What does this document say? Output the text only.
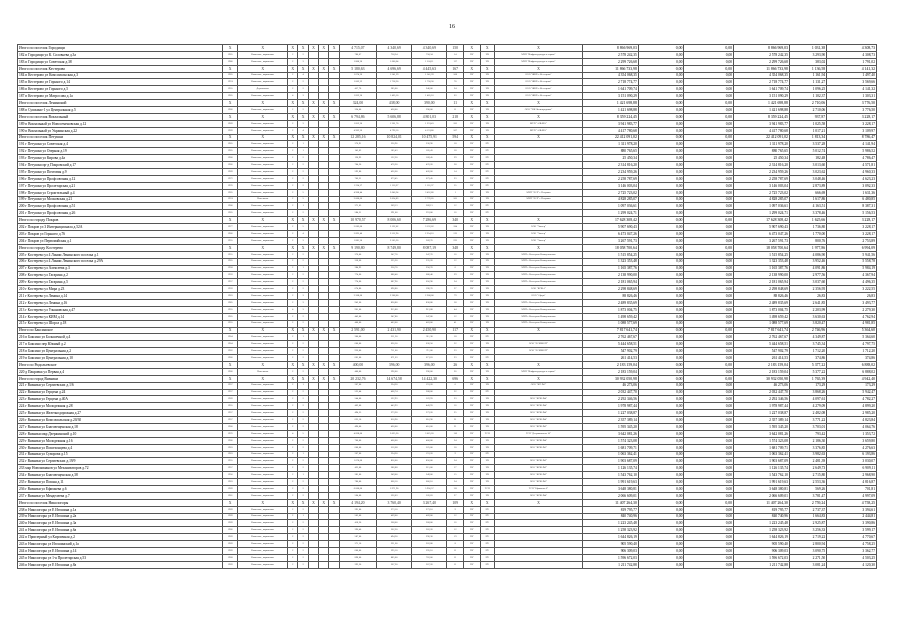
16
Итого по поселок Городищи	X	X	X	X	X	X	X	4 715,07	4 340,69	4 340,69	150	X	X	X	8 866 969,03	0,00	0,00	8 866 969,03	1 031,38	4 308,73
182 п Городищи ул К. Соловьева д.3а	1965	Каменные, кирпичные	2	2				780,67	758,34	758,34	14	ПУ	УК	МУП "Инфраструктура и сервис"	2 578 242,35	0,00	0,00	2 578 242,35	3 293,90	4 308,73
183 п Городищи ул Советская д.38	1980	Каменные, кирпичные	2	3				1 800,20	1 600,64	1 524,11	117	ПУ	УК	МУП "Инфраструктура и сервис"	2 299 726,68	0,00	0,00	2 299 726,68	383,02	1 791,02
Итого по поселок Кестерово	X	X	X	X	X	X	X	5 180,63	4 696,69	4 445,63	167	X	X	X	11 866 733,98	0,00	0,00	11 866 733,98	1 136,58	4 141,32
184 п Кестерово ул Комсомольская д.3	1965	Каменные, кирпичные	2	4				1 674,26	1 541,39	1 541,39	108	ПУ	УК	ООО "ЖКХ г. Кестерово"	4 354 068,35	0,00	0,00	4 354 068,35	1 161,94	1 497,40
185 п Кестерово ул Горького д.14	1974	Каменные, кирпичные	2	2				1 603,32	1 758,30	1 758,30	70	ПУ	УК	ООО "ЖКХ г. Кестерово"	2 718 774,77	0,00	0,00	2 718 774,77	1 131,27	3 569,66
186 п Кестерово ул Горького д.5	1955	Деревянные	2	2				457,70	285,00	246,00	24	ПУ	УК	ООО "ЖКХ г. Кестерово"	1 641 709,74	0,00	0,00	1 641 709,74	1 096,25	4 141,32
187 п Кестерово ул Матросова д.1а	1965	Каменные, кирпичные	4	3				1 832,20	1 465,10	1 465,10	63	ПУ	УК	ООО "ЖКХ г. Кестерово"	3 151 090,29	0,00	0,00	3 151 090,29	1 102,37	1 303,31
Итого по поселок Ленинский	X	X	X	X	X	X	X	324,00	438,00	390,00	11	X	X	X	1 421 698,88	0,00	0,00	1 421 698,88	2 710,06	3 776,50
188 п Сушкино-1 ул Центральная д.5	1966	Каменные, кирпичные	2	2				324,00	438,00	390,00	11	ПУ	УК	ООО "УЖ Ленинградская"	1 421 698,88	0,00	0,00	1 421 698,88	2 710,06	3 776,50
Итого по поселок Вокзальный	X	X	X	X	X	X	X	6 794,86	5 606,88	4 801,03	218	X	X	X	8 359 224,45	0,00	0,00	8 359 224,45	937,87	3 228,17
189 п Вокзальный ул Новосеменовская д.12	1969	Каменные, кирпичные	2	3				1 852,20	1 261,70	1 274,43	181	ПУ	УК	МУП "АЛЬЕРА"	3 941 983,77	0,00	0,00	3 941 983,77	1 025,58	3 228,17
190 п Вокзальный ул Украинская д.22	1969	Каменные, кирпичные	2	4				4 902,36	4 796,10	4 174,80	107	ПУ	УК	МУП "АЛЬЕРА"	4 417 780,68	0,00	0,00	4 417 780,68	1 017,21	3 109,97
Итого по поселок Петушки	X	X	X	X	X	X	X	12 285,16	10 824,01	10 475,91	594	X	X	X	22 412 091,02	0,00	0,00	22 412 091,02	1 813,34	8 786,47
191 г Петушки ул Советская д.4	1965	Каменные, кирпичные	2	1				370,91	336,96	336,96	18	ПУ	НУ		1 311 978,20	0,00	0,00	1 311 978,20	3 537,28	4 141,94
192 г Петушки ул Озерная д.19	1965	Каменные, кирпичные	2	1				145,63	185,43	185,43	18	ПУ	НУ		880 765,65	0,00	0,00	880 765,65	5 012,74	5 986,52
193 г Петушки ул Кирова д.4а	1960	Каменные, кирпичные	2	2				120,93	132,20	109,45	29	ПУ	НУ		25 450,34	0,00	0,00	25 450,34	182,48	4 786,47
194 г Петушки пр-д Покровский д.17	1966	Каменные, кирпичные	2	2				704,20	476,20	476,20	38	ПУ	НУ		2 314 816,20	0,00	0,00	2 314 816,20	3 013,60	4 571,81
195 г Петушки ул Почтовая д.9	1969	Каменные, кирпичные	2	2				592,80	426,60	426,60	14	ПУ	НУ		2 234 959,26	0,00	0,00	2 234 959,26	3 023,62	4 960,33
196 г Петушки ул Профсоюзная д.12	1972	Каменные, кирпичные	2	2				706,31	673,45	673,45	23	ПУ	НУ		2 258 787,69	0,00	0,00	2 258 787,69	3 048,46	4 623,23
197 г Петушки ул Пролетарская д.21	1970	Каменные, кирпичные	2	2				1 224,37	1 116,37	1 116,37	55	ПУ	НУ		3 146 003,04	0,00	0,00	3 146 003,04	2 873,89	3 092,33
198 г Петушки ул Строительный д.4	1965	Каменные, кирпичные	2	5				4 908,44	3 646,34	3 452,86	1	ПУ	УК	МУП "ЕСР" г Петушки	2 725 723,02	0,00	0,00	2 725 723,02	666,69	1 631,36
199 г Петушки ул Московская д.21	1974	Панельные	2	5				2 000,00	2 054,83	2 770,05	105	ПУ	УК	МУП "ЕСР" г Петушки	4 828 285,07	0,00	0,00	4 828 285,07	1 617,86	6 480,85
200 г Петушки ул Профсоюзная д.51	1960	Каменные, кирпичные	2	1				371,65	309,13	309,13	12	ПУ	НУ		1 097 036,61	0,00	0,00	1 097 036,61	4 163,51	8 387,31
201 г Петушки ул Профсоюзная д.26	1965	Каменные, кирпичные	2	2				584,31	391,00	391,00	16	ПУ	НУ		1 299 024,71	0,00	0,00	1 299 024,71	3 378,46	5 156,53
Итого по городу Покров	X	X	X	X	X	X	X	10 970,57	8 006,60	7 286,69	340	X	X	X	17 628 308,42	0,00	0,00	17 628 308,42	1 625,66	3 228,17
202 г Покров ул 3 Интернационала д.52А	1977	Каменные, кирпичные	2	5				3 683,00	3 132,02	3 132,02	184	ПУ	УК	ООО "Экспер"	5 907 690,43	0,00	0,00	5 907 690,43	1 736,80	3 228,17
203 г Покров ул Горького д.76	1966	Каменные, кирпичные	2	4				2 895,40	2 552,90	2 254,16	123	ПУ	УК	ООО "Экспер"	6 473 047,26	0,00	0,00	6 473 047,26	1 770,00	3 228,17
204 г Покров ул Первомайская д.1	1955	Каменные, кирпичные	2	3				1 881,30	2 505,20	309,70	223	ПУ	УК	ООО "Экспер"	3 267 591,73	0,00	0,00	3 267 591,73	800,76	2 753,89
Итого по городу Костерево	X	X	X	X	X	X	X	9 190,80	8 749,80	8 087,19	348	X	X	X	18 058 700,64	0,00	0,00	18 058 700,64	1 977,86	6 994,09
205 г Костерево ул 4 Линии Ленинского поселка д.1	1955	Каменные, кирпичные	2	2				370,00	347,70	347,70	16	ПУ	УК	МУП г Костерево Коммунальник	1 515 854,25	0,00	0,00	1 515 854,25	4 086,90	5 941,56
206 г Костерево ул 4 Линии Ленинского поселка д.29А	1965	Каменные, кирпичные	2	2				358,60	335,20	335,20	12	ПУ	УК	МУП г Костерево Коммунальник	1 323 353,48	0,00	0,00	1 323 353,48	3 952,46	5 558,78
207 г Костерево ул Алексеева д.3	1958	Каменные, кирпичные	2	1				284,93	250,70	250,70	6	ПУ	УК	МУП г Костерево Коммунальник	1 165 387,76	0,00	0,00	1 165 387,76	4 091,86	5 984,19
208 г Костерево ул Гагарина д.2	1959	Каменные, кирпичные	2	2				774,60	686,40	686,40	29	ПУ	УК	МУП г Костерево Коммунальник	2 138 990,00	0,00	0,00	2 138 990,00	2 977,56	4 367,94
209 г Костерево ул Гагарина д.5	1957	Каменные, кирпичные	2	2				774,60	687,90	656,90	34	ПУ	УК	МУП г Костерево Коммунальник	2 181 065,94	0,00	0,00	2 181 065,94	3 037,60	4 496,35
210 г Костерево ул Мира д.23	1959	Каменные, кирпичные	2	2				674,80	696,80	596,70	37	ПУ	УК	ООО "ЖЭК-1"	2 298 848,69	0,00	0,00	2 298 848,69	2 356,95	3 222,55
211 г Костерево ул Ленина д.14	1963	Каменные, кирпичные	2	3				2 208,00	2 208,00	2 208,00	79	ПУ	УК	ООО "Сфера"	88 826,46	0,00	0,00	88 826,46	26,83	26,83
212 г Костерево ул Ленина д.16	1985	Каменные, кирпичные	2	3				942,60	830,80	830,80	58	ПУ	УК	МУП г Костерево Коммунальник	2 489 835,69	0,00	0,00	2 489 835,69	2 641,85	3 493,77
213 г Костерево ул Ульяновская д.47	1955	Каменные, кирпичные	4	3				961,00	915,88	913,88	44	ПУ	УК	МУП г Костерево Коммунальник	1 873 004,75	0,00	0,00	1 873 004,75	2 203,99	2 279,30
214 г Костерево ул КИМ д.14	1965	Каменные, кирпичные	2	2				443,00	347,80	347,80	12	ПУ	УК	МУП г Костерево Коммунальник	1 498 659,42	0,00	0,00	1 498 659,42	3 630,63	4 762,94
215 г Костерево ул Шорса д.18	1955	Каменные, кирпичные	2	2				400,00	403,00	403,00	41	ПУ	УК	МУП г Костерево Коммунальник	1 088 577,69	0,00	0,00	1 088 577,69	3 820,47	4 981,85
Итого по Баксинское	X	X	X	X	X	X	X	2 591,00	2 431,90	2 450,90	117	X	X	X	7 817 641,74	0,00	0,00	7 817 641,74	2 746,96	5 364,60
216 п Баксино ул Большечной д.4	1964	Каменные, кирпичные	2	1				300,00	311,30	311,30	18	ПУ	НУ		2 762 467,67	0,00	0,00	2 762 467,67	4 349,87	5 364,60
217 п Баксино пер Южный д.2	1964	Каменные, кирпичные	2	2				600,00	636,50	636,50	32	ПУ	УК	ООО "ЕСМВОЛТ"	5 444 658,51	0,00	0,00	5 444 658,51	3 745,34	4 797,75
218 п Баксино ул Центральная д.2	1962	Каменные, кирпичные	2	2				936,00	711,00	711,00	33	ПУ	УК	ООО "ЕСМВОЛТ"	547 902,79	0,00	0,00	547 902,79	1 712,20	1 712,20
219 п Баксино ул Центральная д.10	1966	Каменные, кирпичные	2	2				661,00	671,63	671,63	23	ПУ	НУ		261 414,53	0,00	0,00	261 414,53	374,86	374,86
Итого по Ридольевское	X	X	X	X	X	X	X	400,00	396,00	396,00	26	X	X	X	2 183 159,04	0,00	0,00	2 183 159,04	5 377,22	6 888,02
220 д Пакровка ул Первая д.4	1966	Панельные	2	2				400,00	396,00	396,00	26	ПУ	УК	МУП "Инфраструктура и сервис"	2 183 159,04	0,00	0,00	2 183 159,04	5 377,22	6 888,02
Итого по город Вязники	X	X	X	X	X	X	X	20 232,76	14 674,58	14 422,30	696	X	X	X	30 932 050,98	0,00	0,00	30 932 050,98	1 765,39	4 942,40
221 г Вязники ул Сергиевских д.1/6	1957	Каменные, кирпичные	2	1				267,00	234,20	191,20	6	ПУ	УК	ООО "ЖЭ №2"	46 273,06	0,00	0,00	46 273,06	173,29	173,29
222 г Вязники ул Герцена д.24	1957	Каменные, кирпичные	2	2				525,44	466,74	288,00	32	ПУ	НУ		2 032 447,70	0,00	0,00	2 032 447,70	3 868,26	5 942,47
223 г Вязники ул Герцена д.40А	1969	Каменные, кирпичные	2	2				544,00	522,93	522,93	23	ПУ	УК	ООО "ЖЭК-№4"	2 292 346,56	0,00	0,00	2 292 346,56	4 097,61	4 782,27
224 г Вязники ул Молодежная д.28	1955	Каменные, кирпичные	2	2				463,00	443,93	443,93	16	ПУ	УК	ООО "ЖЭК-№4"	1 978 987,44	0,00	0,00	1 978 987,44	4 279,09	4 899,20
225 г Вязники ул Железнодорожная д.27	1957	Каменные, кирпичные	2	2				494,35	373,20	373,20	25	ПУ	УК	ООО "ЖЭК-№4"	1 227 038,87	0,00	0,00	1 227 038,87	2 482,08	2 985,20
226 г Вязники ул Комсомольская д.20/30	1957	Каменные, кирпичные	2	2				625,10	610,90	610,90	31	ПУ	УК	ООО "ЖЭК-№4"	2 357 389,14	0,00	0,00	2 357 389,14	3 771,22	4 823,84
227 г Вязники ул Благовещенская д.18	1960	Каменные, кирпичные	2	2				490,00	420,00	410,00	21	ПУ	УК	ООО "ЖЭК-№2"	1 595 345,20	0,00	0,00	1 595 345,20	3 703,01	4 064,76
228 г Вязники мкр Дзержинский д.10	1976	Каменные, кирпичные	4	5				4 828,00	3 025,20	3 025,20	116	ПУ	ТСН	ТСН "Дзержинского 10"	3 642 081,26	0,00	0,00	3 642 081,26	793,42	1 353,72
229 г Вязники ул Молодежная д.16	1966	Каменные, кирпичные	2	2				700,00	460,00	460,00	34	ПУ	УК	ООО "ЖЭК-№4"	1 574 323,08	0,00	0,00	1 574 323,08	2 186,30	3 659,80
230 г Вязники ул Пошехонцева д.4	1963	Каменные, кирпичные	2	2				600,00	516,68	525,00	10	ПУ	УК	ООО "ЖЭК-№5"	1 681 709,71	0,00	0,00	1 681 709,71	3 376,85	4 276,63
231 г Вязники ул Суворова д.15	1963	Каменные, кирпичные	2	1				267,00	234,20	191,20	9	ПУ	НУ		1 063 362,41	0,00	0,00	1 063 362,41	3 982,63	6 193,86
232 г Вязники ул Сергиевских д.19/9	1955	Каменные, кирпичные	2	2				1 070,00	856,00	856,00	34	ПУ	УК	ООО "ЖЭК-№2"	1 903 687,09	0,00	0,00	1 903 687,09	2 481,39	3 030,07
233 мкр Новоаиманов ул Механизаторов д.72	1957	Каменные, кирпичные	2	2				425,00	386,88	215,00	17	ПУ	УК	ООО "ЖЭК-№2"	1 126 135,74	0,00	0,00	1 126 135,74	2 649,73	6 909,11
234 г Вязники ул Благовещенская д.38	1950	Каменные, кирпичные	2	1				381,00	349,00	349,00	15	ПУ	УК	ООО "ЖЭК-№2"	1 543 762,10	0,00	0,00	1 543 762,10	2 715,80	2 968,90
235 г Вязники ул Пошня д.11	1963	Каменные, кирпичные	2	2				780,00	666,10	666,10	34	ПУ	УК	ООО "ЖЭК-№5"	1 991 619,63	0,00	0,00	1 991 619,63	2 553,36	4 816,87
236 г Вязники ул Ефимьева д.6	1969	Каменные, кирпичные	2	2				6 600,00	5 971,90	5 950,57	115	ПУ	ТСН	ТСН "Ефимьева 6"	3 648 380,81	0,00	0,00	3 648 380,81	569,26	701,81
237 г Вязники ул Менделеева д.7	1961	Каменные, кирпичные	2	2				564,00	526,03	526,03	27	ПУ	УК	ООО "ЖЭК-№4"	2 066 609,01	0,00	0,00	2 066 609,01	3 781,47	4 997,09
Итого по поселок Никологоры	X	X	X	X	X	X	X	4 194,20	3 760,40	3 267,40	109	X	X	X	11 407 264,30	0,00	0,00	11 407 264,30	2 759,24	4 758,25
238 п Никологоры ул Е Игошина д.1а	1969	Каменные, кирпичные	2	2				291,00	273,10	273,10	9	ПУ	НУ		819 795,77	0,00	0,00	819 795,77	2 737,37	3 394,61
239 п Никологоры ул Е Игошина д.2а	1969	Каменные, кирпичные	2	1				505,00	469,00	469,00	12	ПУ	НУ		840 740,96	0,00	0,00	840 740,96	1 664,83	2 444,81
240 п Никологоры ул Е Игошина д.3а	1969	Каменные, кирпичные	2	2				418,20	368,00	368,00	16	ПУ	НУ		1 223 245,48	0,00	0,00	1 223 245,48	2 925,87	3 390,86
241 п Никологоры ул Е Игошина д.6а	1966	Каменные, кирпичные	2	2				396,40	362,20	362,20	12	ПУ	НУ		1 258 323,92	0,00	0,00	1 258 323,92	3 256,33	3 599,17
242 п Приозерный ул Кирпичная д.2	1969	Каменные, кирпичные	2	2				587,00	494,30	296,30	19	ПУ	НУ		1 644 826,19	0,00	0,00	1 644 826,19	2 719,22	4 770,67
243 п Никологоры ул Игошинский д.1а	1969	Каменные, кирпичные	2	2				371,10	221,60	262,80	8	ПУ	НУ		905 590,40	0,00	0,00	905 590,40	2 800,94	4 758,25
244 п Никологоры ул Е Игошина д.14	1969	Каменные, кирпичные	2	2				600,00	395,10	395,10	11	ПУ	НУ		906 309,03	0,00	0,00	906 309,03	3 090,75	3 362,77
245 п Никологоры ул 1-я Пролетарская д.53	1968	Каменные, кирпичные	2	2				898,00	885,00	762,00	11	ПУ	НУ		1 596 672,03	0,00	0,00	1 596 672,03	2 271,50	4 503,25
246 п Никологоры ул Е Игошина д.8а	1969	Каменные, кирпичные	2	2				393,30	367,20	367,20	11	ПУ	НУ		1 211 742,88	0,00	0,00	1 211 742,88	3 081,24	4 120,30
